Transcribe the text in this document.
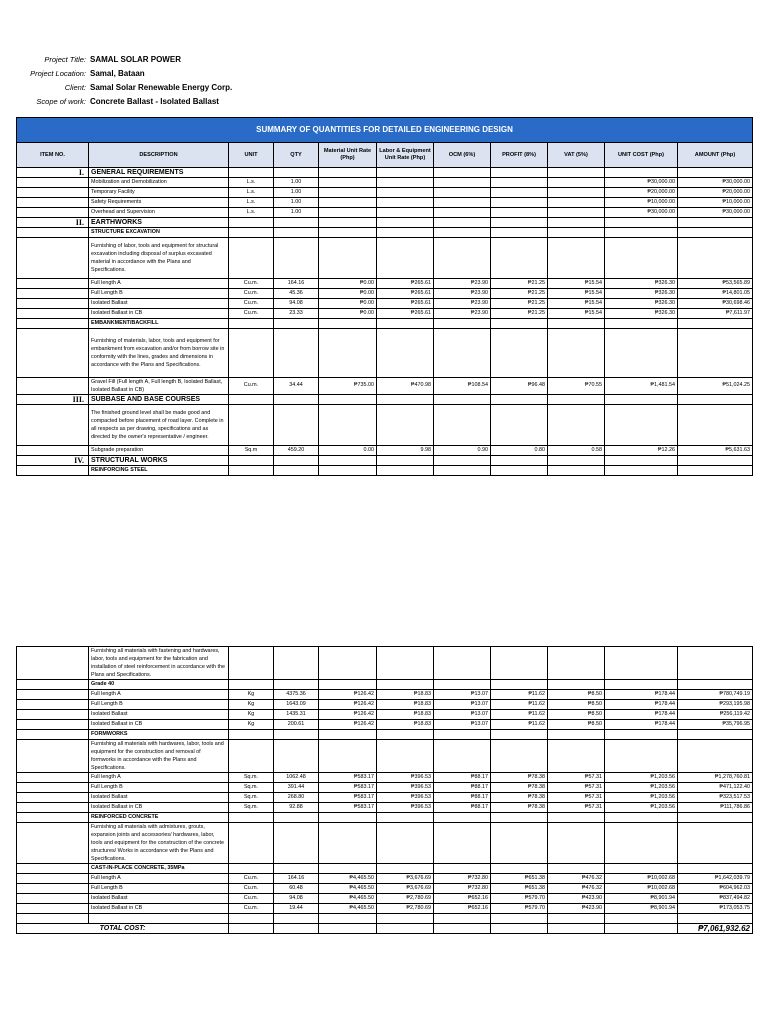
Project Title: SAMAL SOLAR POWER
Project Location: Samal, Bataan
Client: Samal Solar Renewable Energy Corp.
Scope of work: Concrete Ballast - Isolated Ballast
SUMMARY OF QUANTITIES FOR DETAILED ENGINEERING DESIGN										
ITEM NO.	DESCRIPTION	UNIT	QTY	Material Unit Rate (Php)	Labor & Equipment Unit Rate (Php)	OCM (6%)	PROFIT (8%)	VAT (5%)	UNIT COST (Php)	AMOUNT (Php)
I.	GENERAL REQUIREMENTS									
	Mobilization and Demobilization	L.s.	1.00						₱30,000.00	₱30,000.00
	Temporary Facility	L.s.	1.00						₱20,000.00	₱20,000.00
	Safety Requirements	L.s.	1.00						₱10,000.00	₱10,000.00
	Overhead and Supervision	L.s.	1.00						₱30,000.00	₱30,000.00
II.	EARTHWORKS									
	STRUCTURE EXCAVATION									
	Furnishing of labor, tools and equipment for structural excavation including disposal of surplus excavated material in accordance with the Plans and Specifications.									
	Full length A	Cu.m.	164.16	₱0.00	₱265.61	₱23.90	₱21.25	₱15.54	₱326.30	₱53,565.89
	Full Length B	Cu.m.	45.36	₱0.00	₱265.61	₱23.90	₱21.25	₱15.54	₱326.30	₱14,801.05
	Isolated Ballast	Cu.m.	94.08	₱0.00	₱265.61	₱23.90	₱21.25	₱15.54	₱326.30	₱30,698.46
	Isolated Ballast in CB	Cu.m.	23.33	₱0.00	₱265.61	₱23.90	₱21.25	₱15.54	₱326.30	₱7,611.97
	EMBANKMENT/BACKFILL									
	Furnishing of materials, labor, tools and equipment for embankment from excavation and/or from borrow site in conformity with the lines, grades and dimensions in accordance with the Plans and Specifications.									
	Gravel Fill (Full length A, Full length B, Isolated Ballast, Isolated Ballast in CB)	Cu.m.	34.44	₱735.00	₱470.98	₱108.54	₱96.48	₱70.55	₱1,481.54	₱51,024.25
III.	SUBBASE AND BASE COURSES									
	The finished ground level shall be made good and compacted before placement of road layer. Complete in all respects as per drawing, specifications and as directed by the owner's representative / engineer.									
	Subgrade preparation	Sq.m	459.20	0.00	9.98	0.90	0.80	0.58	₱12.26	₱5,631.63
IV.	STRUCTURAL WORKS									
	REINFORCING STEEL									
	Furnishing all materials with fastening and hardwares, labor, tools and equipment for the fabrication and installation of steel reinforcement in accordance with the Plans and Specifications.									
	Grade 40									
	Full length A	Kg	4375.36	₱126.42	₱18.83	₱13.07	₱11.62	₱8.50	₱178.44	₱780,749.19
	Full Length B	Kg	1643.09	₱126.42	₱18.83	₱13.07	₱11.62	₱8.50	₱178.44	₱293,195.98
	Isolated Ballast	Kg	1435.31	₱126.42	₱18.83	₱13.07	₱11.62	₱8.50	₱178.44	₱256,119.42
	Isolated Ballast in CB	Kg	200.61	₱126.42	₱18.83	₱13.07	₱11.62	₱8.50	₱178.44	₱35,796.95
	FORMWORKS									
	Furnishing all materials with hardwares, labor, tools and equipment for the construction and removal of formworks in accordance with the Plans and Specifications.									
	Full length A	Sq.m.	1062.48	₱583.17	₱396.53	₱88.17	₱78.38	₱57.31	₱1,203.56	₱1,278,760.81
	Full Length B	Sq.m.	391.44	₱583.17	₱396.53	₱88.17	₱78.38	₱57.31	₱1,203.56	₱471,122.40
	Isolated Ballast	Sq.m.	268.80	₱583.17	₱396.53	₱88.17	₱78.38	₱57.31	₱1,203.56	₱323,517.53
	Isolated Ballast in CB	Sq.m.	92.88	₱583.17	₱396.53	₱88.17	₱78.38	₱57.31	₱1,203.56	₱111,786.86
	REINFORCED CONCRETE									
	Furnishing all materials with admixtures, grouts, expansion joints and accessories/ hardwares, labor, tools and equipment for the construction of the concrete structures/ Works in accordance with the Plans and Specifications.									
	CAST-IN-PLACE CONCRETE, 35MPa									
	Full length A	Cu.m.	164.16	₱4,465.50	₱3,676.69	₱732.80	₱651.38	₱476.32	₱10,002.68	₱1,642,039.79
	Full Length B	Cu.m.	60.48	₱4,465.50	₱3,676.69	₱732.80	₱651.38	₱476.32	₱10,002.68	₱604,962.03
	Isolated Ballast	Cu.m.	94.08	₱4,465.50	₱2,780.69	₱652.16	₱579.70	₱423.90	₱8,901.94	₱837,494.82
	Isolated Ballast in CB	Cu.m.	19.44	₱4,465.50	₱2,780.69	₱652.16	₱579.70	₱423.90	₱8,901.94	₱173,053.75

TOTAL COST:										₱7,061,932.62
